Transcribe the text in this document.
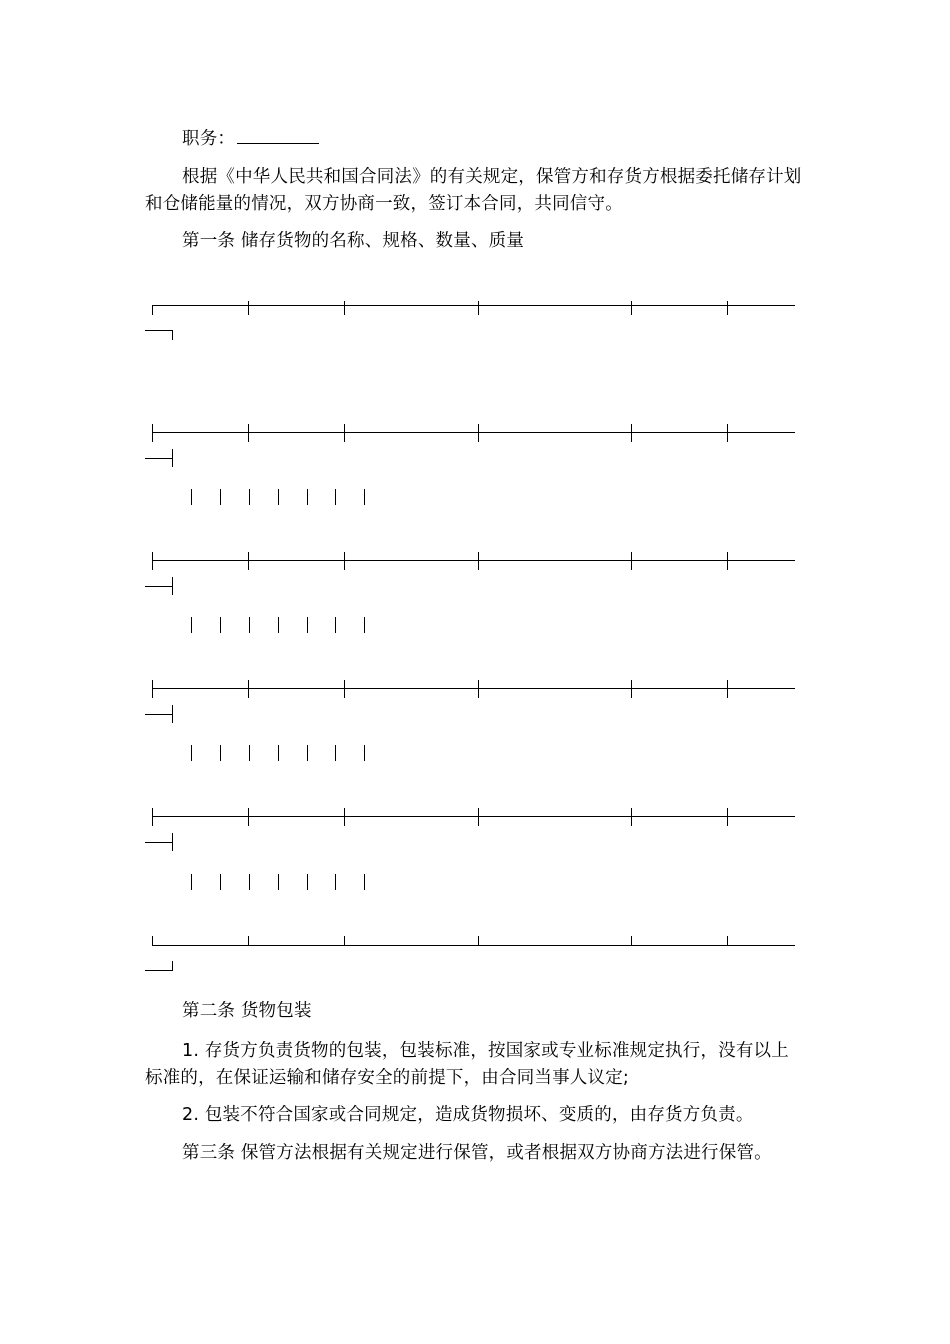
职务：

根据《中华人民共和国合同法》的有关规定，保管方和存货方根据委托储存计划和仓储能量的情况，双方协商一致，签订本合同，共同信守。

第一条 储存货物的名称、规格、数量、质量

第二条 货物包装

1. 存货方负责货物的包装，包装标准，按国家或专业标准规定执行，没有以上标准的，在保证运输和储存安全的前提下，由合同当事人议定;

2. 包装不符合国家或合同规定，造成货物损坏、变质的，由存货方负责。

第三条 保管方法根据有关规定进行保管，或者根据双方协商方法进行保管。
